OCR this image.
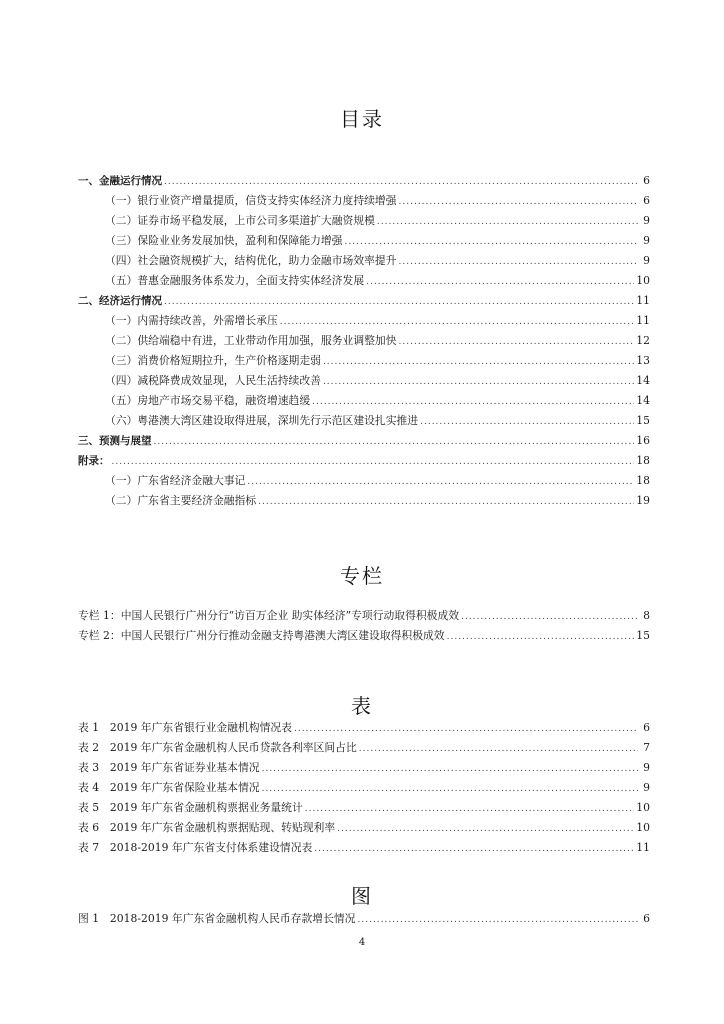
目录
一、金融运行情况 .....	6
（一）银行业资产增量提质，信贷支持实体经济力度持续增强 .....	6
（二）证券市场平稳发展，上市公司多渠道扩大融资规模 .....	9
（三）保险业业务发展加快，盈利和保障能力增强 .....	9
（四）社会融资规模扩大，结构优化，助力金融市场效率提升 .....	9
（五）普惠金融服务体系发力，全面支持实体经济发展 .....	10
二、经济运行情况 .....	11
（一）内需持续改善，外需增长承压 .....	11
（二）供给端稳中有进，工业带动作用加强，服务业调整加快 .....	12
（三）消费价格短期拉升，生产价格逐期走弱 .....	13
（四）减税降费成效显现，人民生活持续改善 .....	14
（五）房地产市场交易平稳，融资增速趋缓 .....	14
（六）粤港澳大湾区建设取得进展，深圳先行示范区建设扎实推进 .....	15
三、预测与展望 .....	16
附录： .....	18
（一）广东省经济金融大事记 .....	18
（二）广东省主要经济金融指标 .....	19
专栏
专栏 1：中国人民银行广州分行“访百万企业 助实体经济”专项行动取得积极成效 .....	8
专栏 2：中国人民银行广州分行推动金融支持粤港澳大湾区建设取得积极成效 .....	15
表
表 1　2019 年广东省银行业金融机构情况表 .....	6
表 2　2019 年广东省金融机构人民币贷款各利率区间占比 .....	7
表 3　2019 年广东省证券业基本情况 .....	9
表 4　2019 年广东省保险业基本情况 .....	9
表 5　2019 年广东省金融机构票据业务量统计 .....	10
表 6　2019 年广东省金融机构票据贴现、转贴现利率 .....	10
表 7　2018-2019 年广东省支付体系建设情况表 .....	11
图
图 1　2018-2019 年广东省金融机构人民币存款增长情况 .....	6
4
